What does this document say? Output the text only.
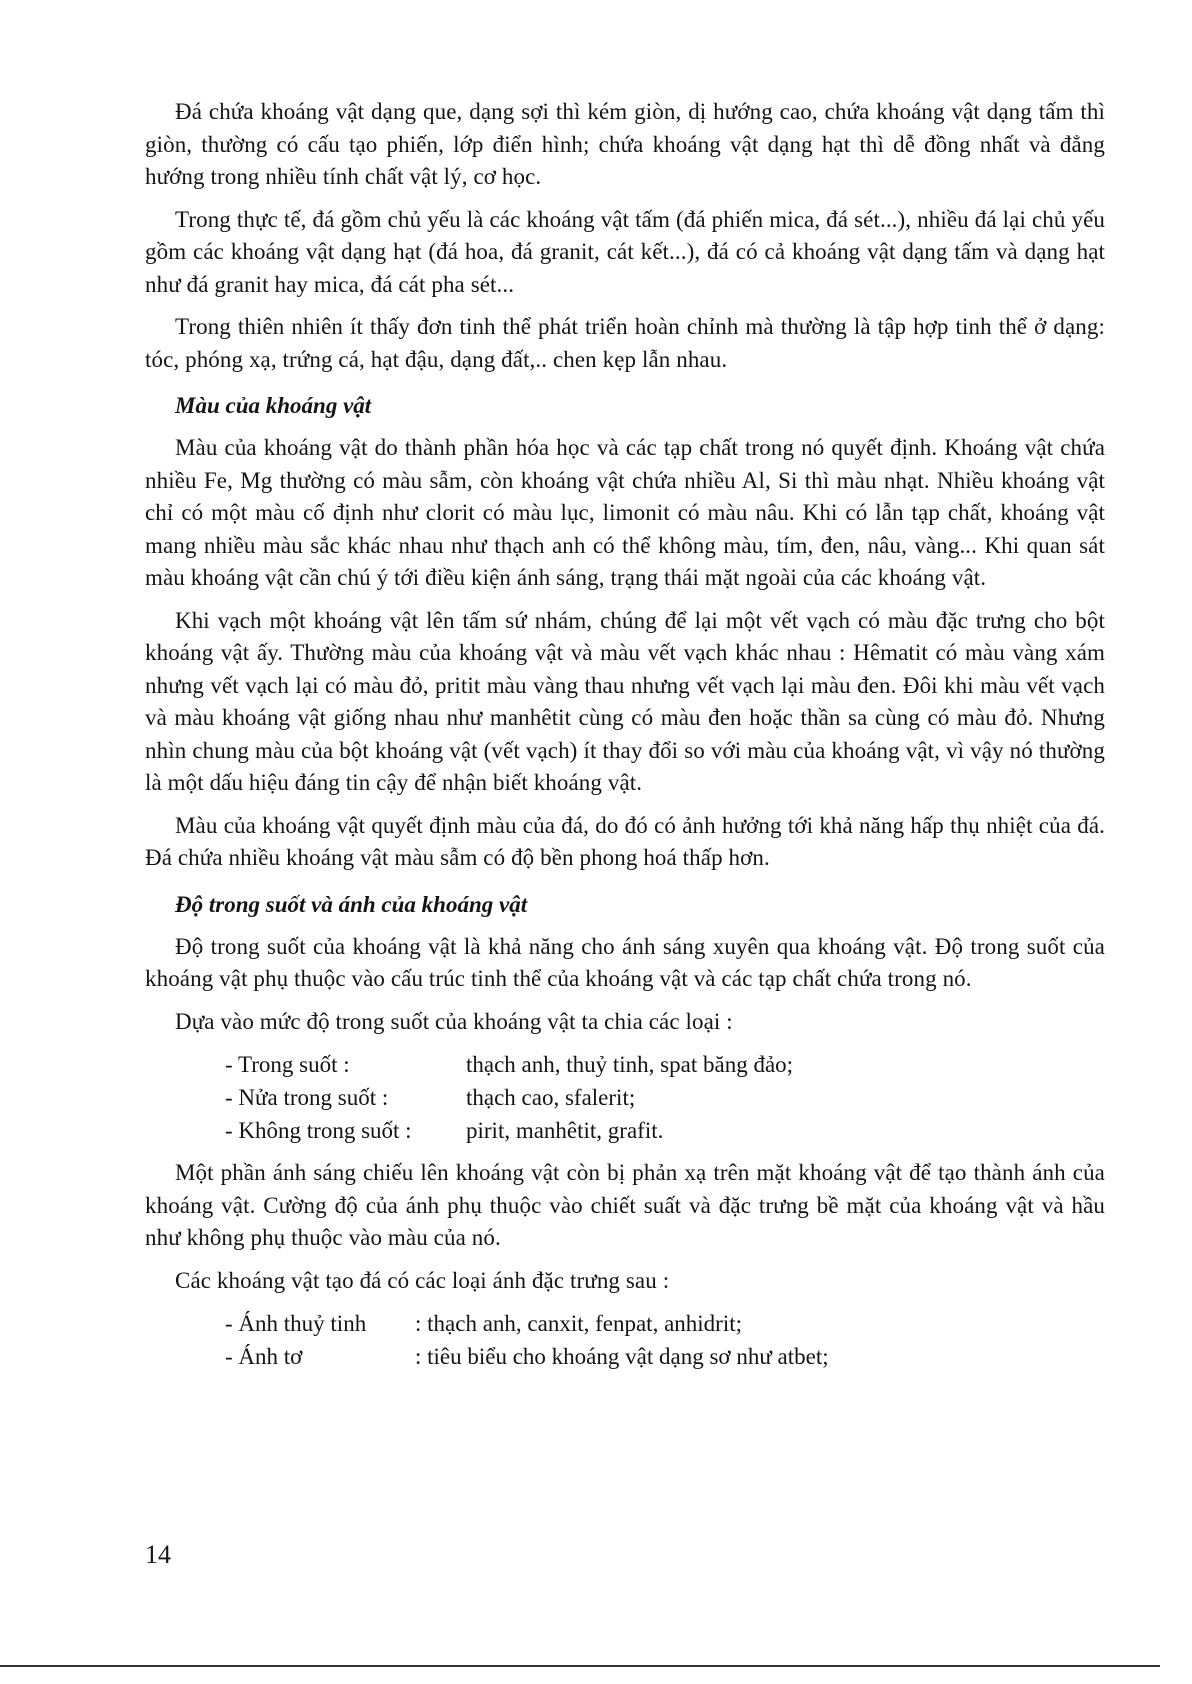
Đá chứa khoáng vật dạng que, dạng sợi thì kém giòn, dị hướng cao, chứa khoáng vật dạng tấm thì giòn, thường có cấu tạo phiến, lớp điển hình; chứa khoáng vật dạng hạt thì dễ đồng nhất và đẳng hướng trong nhiều tính chất vật lý, cơ học.

Trong thực tế, đá gồm chủ yếu là các khoáng vật tấm (đá phiến mica, đá sét...), nhiều đá lại chủ yếu gồm các khoáng vật dạng hạt (đá hoa, đá granit, cát kết...), đá có cả khoáng vật dạng tấm và dạng hạt như đá granit hay mica, đá cát pha sét...

Trong thiên nhiên ít thấy đơn tinh thể phát triển hoàn chỉnh mà thường là tập hợp tinh thể ở dạng: tóc, phóng xạ, trứng cá, hạt đậu, dạng đất,.. chen kẹp lẫn nhau.

Màu của khoáng vật

Màu của khoáng vật do thành phần hóa học và các tạp chất trong nó quyết định. Khoáng vật chứa nhiều Fe, Mg thường có màu sẫm, còn khoáng vật chứa nhiều Al, Si thì màu nhạt. Nhiều khoáng vật chỉ có một màu cố định như clorit có màu lục, limonit có màu nâu. Khi có lẫn tạp chất, khoáng vật mang nhiều màu sắc khác nhau như thạch anh có thể không màu, tím, đen, nâu, vàng... Khi quan sát màu khoáng vật cần chú ý tới điều kiện ánh sáng, trạng thái mặt ngoài của các khoáng vật.

Khi vạch một khoáng vật lên tấm sứ nhám, chúng để lại một vết vạch có màu đặc trưng cho bột khoáng vật ấy. Thường màu của khoáng vật và màu vết vạch khác nhau : Hêmatit có màu vàng xám nhưng vết vạch lại có màu đỏ, pritit màu vàng thau nhưng vết vạch lại màu đen. Đôi khi màu vết vạch và màu khoáng vật giống nhau như manhêtit cùng có màu đen hoặc thần sa cùng có màu đỏ. Nhưng nhìn chung màu của bột khoáng vật (vết vạch) ít thay đổi so với màu của khoáng vật, vì vậy nó thường là một dấu hiệu đáng tin cậy để nhận biết khoáng vật.

Màu của khoáng vật quyết định màu của đá, do đó có ảnh hưởng tới khả năng hấp thụ nhiệt của đá. Đá chứa nhiều khoáng vật màu sẫm có độ bền phong hoá thấp hơn.

Độ trong suốt và ánh của khoáng vật

Độ trong suốt của khoáng vật là khả năng cho ánh sáng xuyên qua khoáng vật. Độ trong suốt của khoáng vật phụ thuộc vào cấu trúc tinh thể của khoáng vật và các tạp chất chứa trong nó.

Dựa vào mức độ trong suốt của khoáng vật ta chia các loại :

- Trong suốt :	thạch anh, thuỷ tinh, spat băng đảo;
- Nửa trong suốt :	thạch cao, sfalerit;
- Không trong suốt :	pirit, manhêtit, grafit.

Một phần ánh sáng chiếu lên khoáng vật còn bị phản xạ trên mặt khoáng vật để tạo thành ánh của khoáng vật. Cường độ của ánh phụ thuộc vào chiết suất và đặc trưng bề mặt của khoáng vật và hầu như không phụ thuộc vào màu của nó.

Các khoáng vật tạo đá có các loại ánh đặc trưng sau :

- Ánh thuỷ tinh	: thạch anh, canxit, fenpat, anhidrit;
- Ánh tơ	: tiêu biểu cho khoáng vật dạng sơ như atbet;
14
